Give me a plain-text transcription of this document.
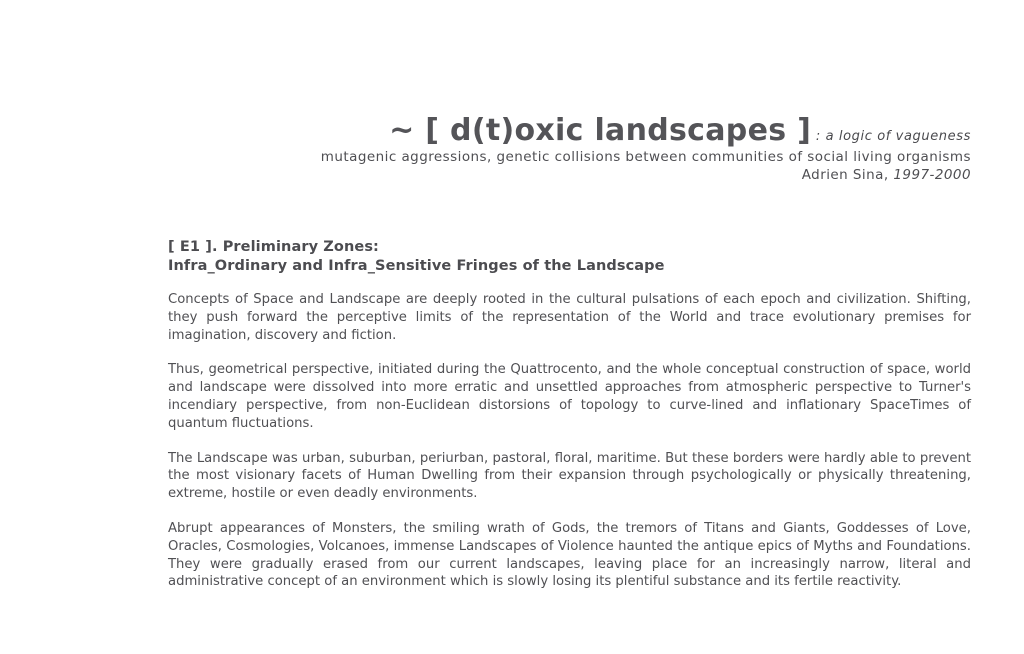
~ [ d(t)oxic landscapes ] : a logic of vagueness
mutagenic aggressions, genetic collisions between communities of social living organisms
Adrien Sina, 1997-2000
[ E1 ]. Preliminary Zones:
Infra_Ordinary and Infra_Sensitive Fringes of the Landscape

Concepts of Space and Landscape are deeply rooted in the cultural pulsations of each epoch and civilization. Shifting, they push forward the perceptive limits of the representation of the World and trace evolutionary premises for imagination, discovery and fiction.

Thus, geometrical perspective, initiated during the Quattrocento, and the whole conceptual construction of space, world and landscape were dissolved into more erratic and unsettled approaches from atmospheric perspective to Turner's incendiary perspective, from non-Euclidean distorsions of topology to curve-lined and inflationary SpaceTimes of quantum fluctuations.

The Landscape was urban, suburban, periurban, pastoral, floral, maritime. But these borders were hardly able to prevent the most visionary facets of Human Dwelling from their expansion through psychologically or physically threatening, extreme, hostile or even deadly environments.

Abrupt appearances of Monsters, the smiling wrath of Gods, the tremors of Titans and Giants, Goddesses of Love, Oracles, Cosmologies, Volcanoes, immense Landscapes of Violence haunted the antique epics of Myths and Foundations. They were gradually erased from our current landscapes, leaving place for an increasingly narrow, literal and administrative concept of an environment which is slowly losing its plentiful substance and its fertile reactivity.
